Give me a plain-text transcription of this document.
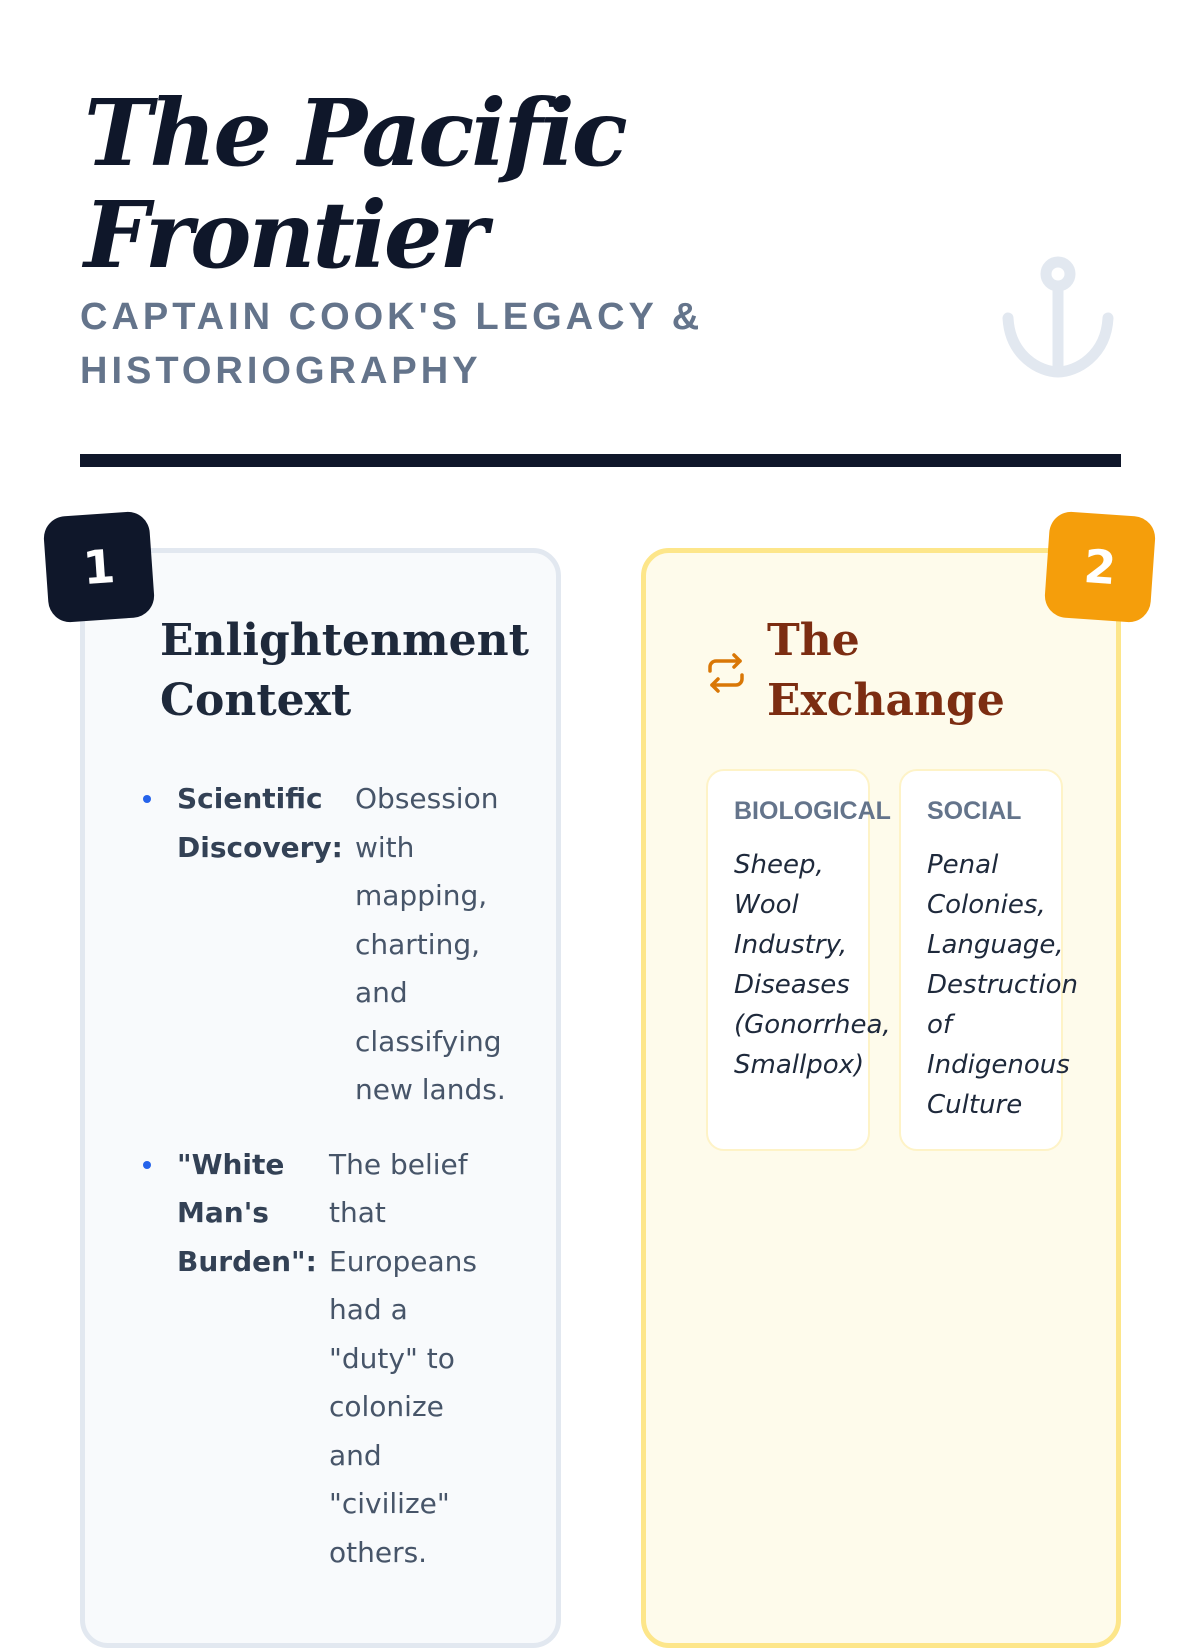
The Pacific Frontier
CAPTAIN COOK'S LEGACY & HISTORIOGRAPHY
Enlightenment Context
Scientific Discovery:
Obsession with mapping, charting, and classifying new lands.
"White Man's Burden":
The belief that Europeans had a "duty" to colonize and "civilize" others.
1
The Exchange
BIOLOGICAL
Sheep, Wool Industry, Diseases (Gonorrhea, Smallpox)
SOCIAL
Penal Colonies, Language, Destruction of Indigenous Culture
2
